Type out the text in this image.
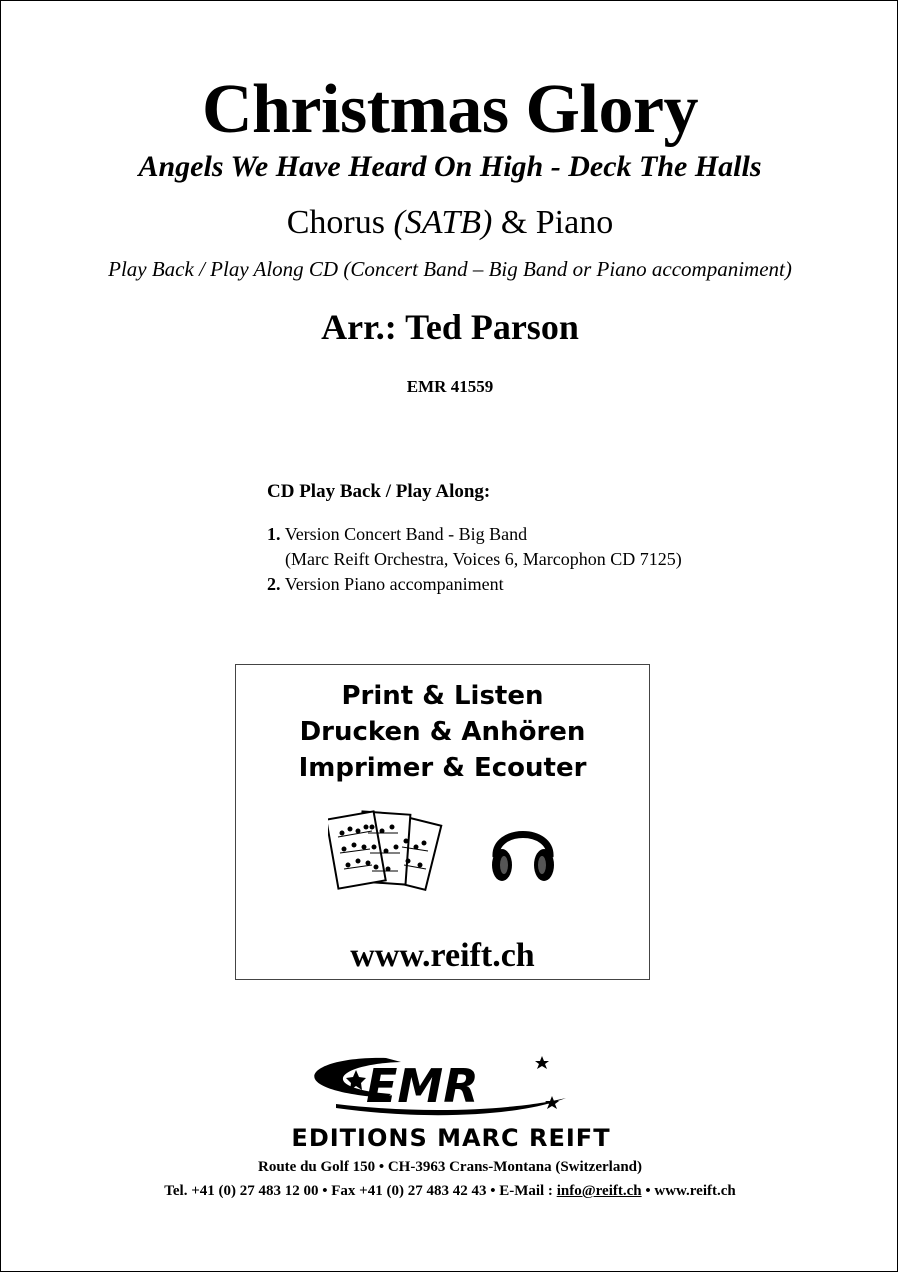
Christmas Glory
Angels We Have Heard On High - Deck The Halls
Chorus (SATB) & Piano
Play Back / Play Along CD (Concert Band – Big Band or Piano accompaniment)
Arr.: Ted Parson
EMR 41559
CD Play Back / Play Along:
1. Version Concert Band - Big Band
(Marc Reift Orchestra, Voices 6, Marcophon CD 7125)
2. Version Piano accompaniment
Print & Listen
Drucken & Anhören
Imprimer & Ecouter
www.reift.ch
EMR
EDITIONS MARC REIFT
Route du Golf 150 • CH-3963 Crans-Montana (Switzerland)
Tel. +41 (0) 27 483 12 00 • Fax +41 (0) 27 483 42 43 • E-Mail : info@reift.ch • www.reift.ch
